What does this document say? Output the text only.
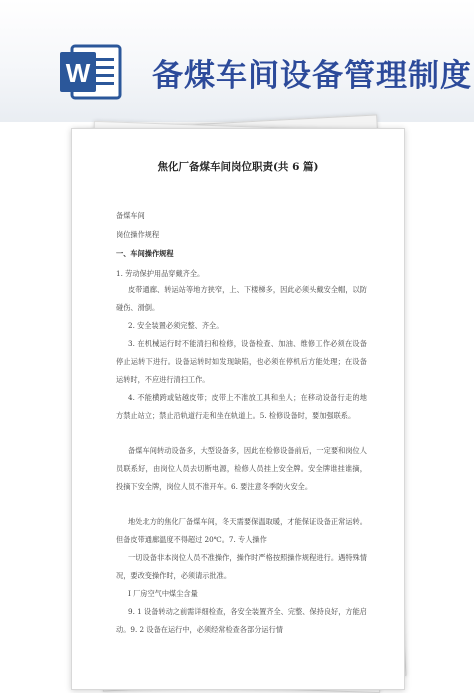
W 备煤车间设备管理制度
焦化厂备煤车间岗位职责(共 6 篇)
备煤车间
岗位操作规程
一、车间操作规程
1. 劳动保护用品穿戴齐全。

皮带通廊、转运站等地方狭窄，上、下楼梯多，因此必须头戴安全帽，以防碰伤、滑倒。

2. 安全装置必须完整、齐全。

3. 在机械运行时不能清扫和检修，设备检查、加油、维修工作必须在设备停止运转下进行。设备运转时如发现缺陷，也必须在停机后方能处理；在设备运转时，不应进行清扫工作。

4. 不能横跨或钻越皮带；皮带上不准放工具和坐人；在移动设备行走的地方禁止站立；禁止沿轨道行走和坐在轨道上。5. 检修设备时，要加强联系。

备煤车间转动设备多，大型设备多，因此在检修设备前后，一定要和岗位人员联系好，由岗位人员去切断电源，检修人员挂上安全牌。安全牌谁挂谁摘，投摘下安全牌，岗位人员不准开车。6. 要注意冬季防火安全。

地处北方的焦化厂备煤车间，冬天需要保温取暖，才能保证设备正常运转。但备皮带通廊温度不得超过 20℃。7. 专人操作

一切设备非本岗位人员不准操作，操作时严格按照操作规程进行。遇特殊情况，要改变操作时，必须请示批准。

Ⅰ 厂房空气中煤尘含量

9. 1 设备转动之前需详细检查，各安全装置齐全、完整、保持良好，方能启动。9. 2 设备在运行中，必须经常检查各部分运行情
